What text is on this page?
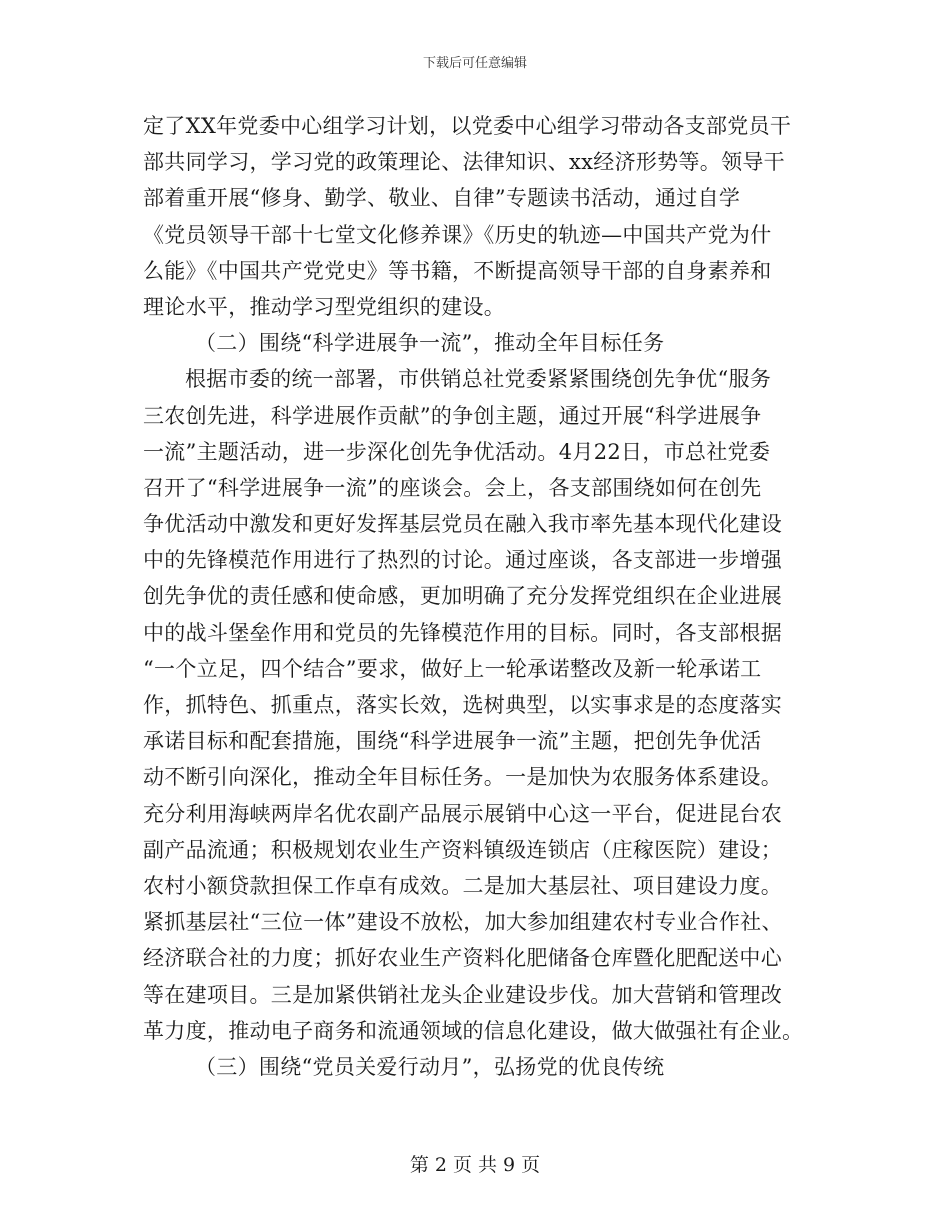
下载后可任意编辑
定了XX年党委中心组学习计划，以党委中心组学习带动各支部党员干
部共同学习，学习党的政策理论、法律知识、xx经济形势等。领导干
部着重开展“修身、勤学、敬业、自律”专题读书活动，通过自学
《党员领导干部十七堂文化修养课》《历史的轨迹—中国共产党为什
么能》《中国共产党党史》等书籍，不断提高领导干部的自身素养和
理论水平，推动学习型党组织的建设。
（二）围绕“科学进展争一流”，推动全年目标任务
根据市委的统一部署，市供销总社党委紧紧围绕创先争优“服务
三农创先进，科学进展作贡献”的争创主题，通过开展“科学进展争
一流”主题活动，进一步深化创先争优活动。4月22日，市总社党委
召开了“科学进展争一流”的座谈会。会上，各支部围绕如何在创先
争优活动中激发和更好发挥基层党员在融入我市率先基本现代化建设
中的先锋模范作用进行了热烈的讨论。通过座谈，各支部进一步增强
创先争优的责任感和使命感，更加明确了充分发挥党组织在企业进展
中的战斗堡垒作用和党员的先锋模范作用的目标。同时，各支部根据
“一个立足，四个结合”要求，做好上一轮承诺整改及新一轮承诺工
作，抓特色、抓重点，落实长效，选树典型，以实事求是的态度落实
承诺目标和配套措施，围绕“科学进展争一流”主题，把创先争优活
动不断引向深化，推动全年目标任务。一是加快为农服务体系建设。
充分利用海峡两岸名优农副产品展示展销中心这一平台，促进昆台农
副产品流通；积极规划农业生产资料镇级连锁店（庄稼医院）建设；
农村小额贷款担保工作卓有成效。二是加大基层社、项目建设力度。
紧抓基层社“三位一体”建设不放松，加大参加组建农村专业合作社、
经济联合社的力度；抓好农业生产资料化肥储备仓库暨化肥配送中心
等在建项目。三是加紧供销社龙头企业建设步伐。加大营销和管理改
革力度，推动电子商务和流通领域的信息化建设，做大做强社有企业。
（三）围绕“党员关爱行动月”，弘扬党的优良传统
第 2 页 共 9 页
